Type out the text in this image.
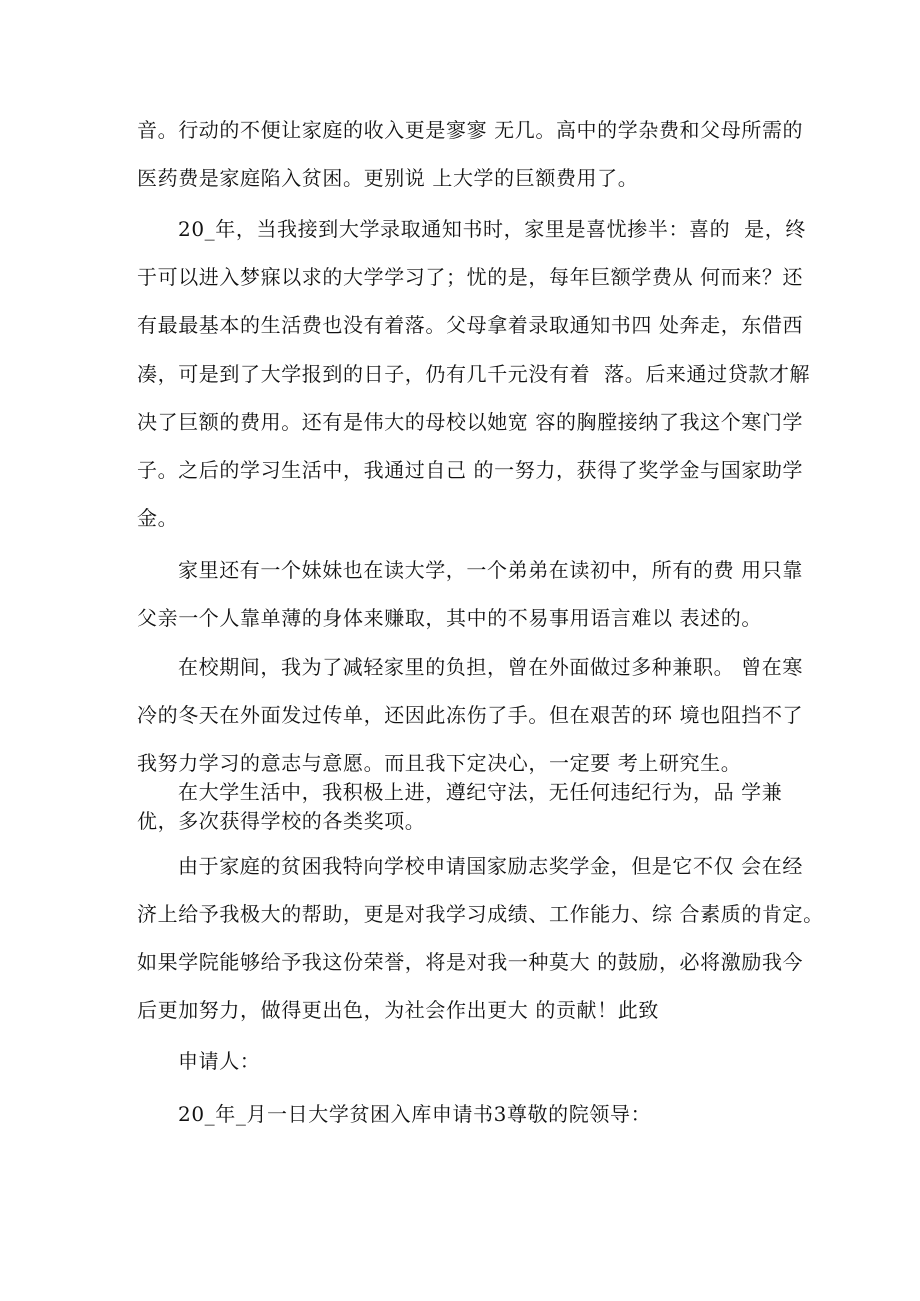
音。行动的不便让家庭的收入更是寥寥 无几。高中的学杂费和父母所需的
医药费是家庭陷入贫困。更别说 上大学的巨额费用了。
20_年，当我接到大学录取通知书时，家里是喜忧掺半：喜的  是，终
于可以进入梦寐以求的大学学习了；忧的是，每年巨额学费从 何而来？还
有最最基本的生活费也没有着落。父母拿着录取通知书四 处奔走，东借西
凑，可是到了大学报到的日子，仍有几千元没有着  落。后来通过贷款才解
决了巨额的费用。还有是伟大的母校以她宽 容的胸膛接纳了我这个寒门学
子。之后的学习生活中，我通过自己 的一努力，获得了奖学金与国家助学
金。
家里还有一个妹妹也在读大学，一个弟弟在读初中，所有的费 用只靠
父亲一个人靠单薄的身体来赚取，其中的不易事用语言难以 表述的。
在校期间，我为了减轻家里的负担，曾在外面做过多种兼职。 曾在寒
冷的冬天在外面发过传单，还因此冻伤了手。但在艰苦的环 境也阻挡不了
我努力学习的意志与意愿。而且我下定决心，一定要 考上研究生。
在大学生活中，我积极上进，遵纪守法，无任何违纪行为，品 学兼
优，多次获得学校的各类奖项。
由于家庭的贫困我特向学校申请国家励志奖学金，但是它不仅 会在经
济上给予我极大的帮助，更是对我学习成绩、工作能力、综 合素质的肯定。
如果学院能够给予我这份荣誉，将是对我一种莫大 的鼓励，必将激励我今
后更加努力，做得更出色，为社会作出更大 的贡献！此致
申请人：
20_年_月一日大学贫困入库申请书3尊敬的院领导：
